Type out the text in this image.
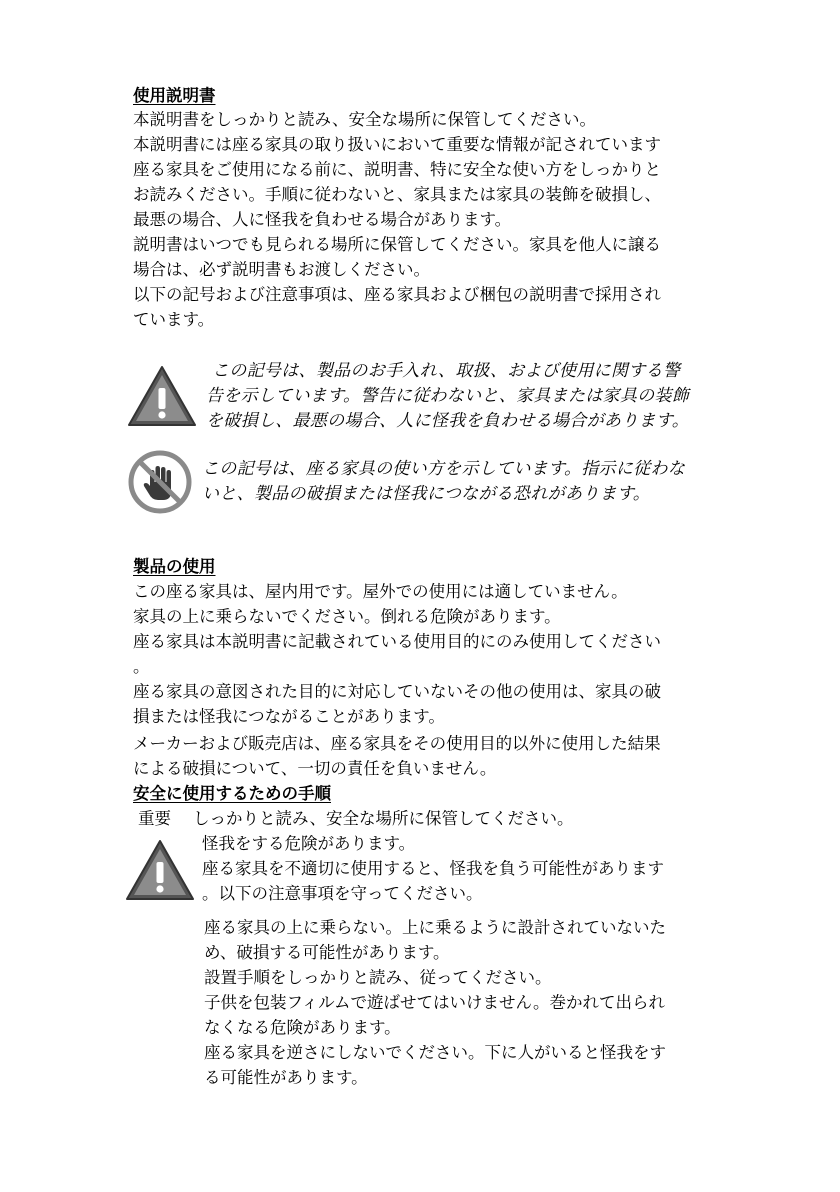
使用説明書
本説明書をしっかりと読み、安全な場所に保管してください。
本説明書には座る家具の取り扱いにおいて重要な情報が記されています
座る家具をご使用になる前に、説明書、特に安全な使い方をしっかりと
お読みください。手順に従わないと、家具または家具の装飾を破損し、
最悪の場合、人に怪我を負わせる場合があります。
説明書はいつでも見られる場所に保管してください。家具を他人に譲る
場合は、必ず説明書もお渡しください。
以下の記号および注意事項は、座る家具および梱包の説明書で採用され
ています。
この記号は、製品のお手入れ、取扱、および使用に関する警
告を示しています。警告に従わないと、家具または家具の装飾
を破損し、最悪の場合、人に怪我を負わせる場合があります。
この記号は、座る家具の使い方を示しています。指示に従わな
いと、製品の破損または怪我につながる恐れがあります。
製品の使用
この座る家具は、屋内用です。屋外での使用には適していません。
家具の上に乗らないでください。倒れる危険があります。
座る家具は本説明書に記載されている使用目的にのみ使用してください
。
座る家具の意図された目的に対応していないその他の使用は、家具の破
損または怪我につながることがあります。
メーカーおよび販売店は、座る家具をその使用目的以外に使用した結果
による破損について、一切の責任を負いません。
安全に使用するための手順
重要 しっかりと読み、安全な場所に保管してください。
怪我をする危険があります。
座る家具を不適切に使用すると、怪我を負う可能性があります
。以下の注意事項を守ってください。
座る家具の上に乗らない。上に乗るように設計されていないた
め、破損する可能性があります。
設置手順をしっかりと読み、従ってください。
子供を包装フィルムで遊ばせてはいけません。巻かれて出られ
なくなる危険があります。
座る家具を逆さにしないでください。下に人がいると怪我をす
る可能性があります。
